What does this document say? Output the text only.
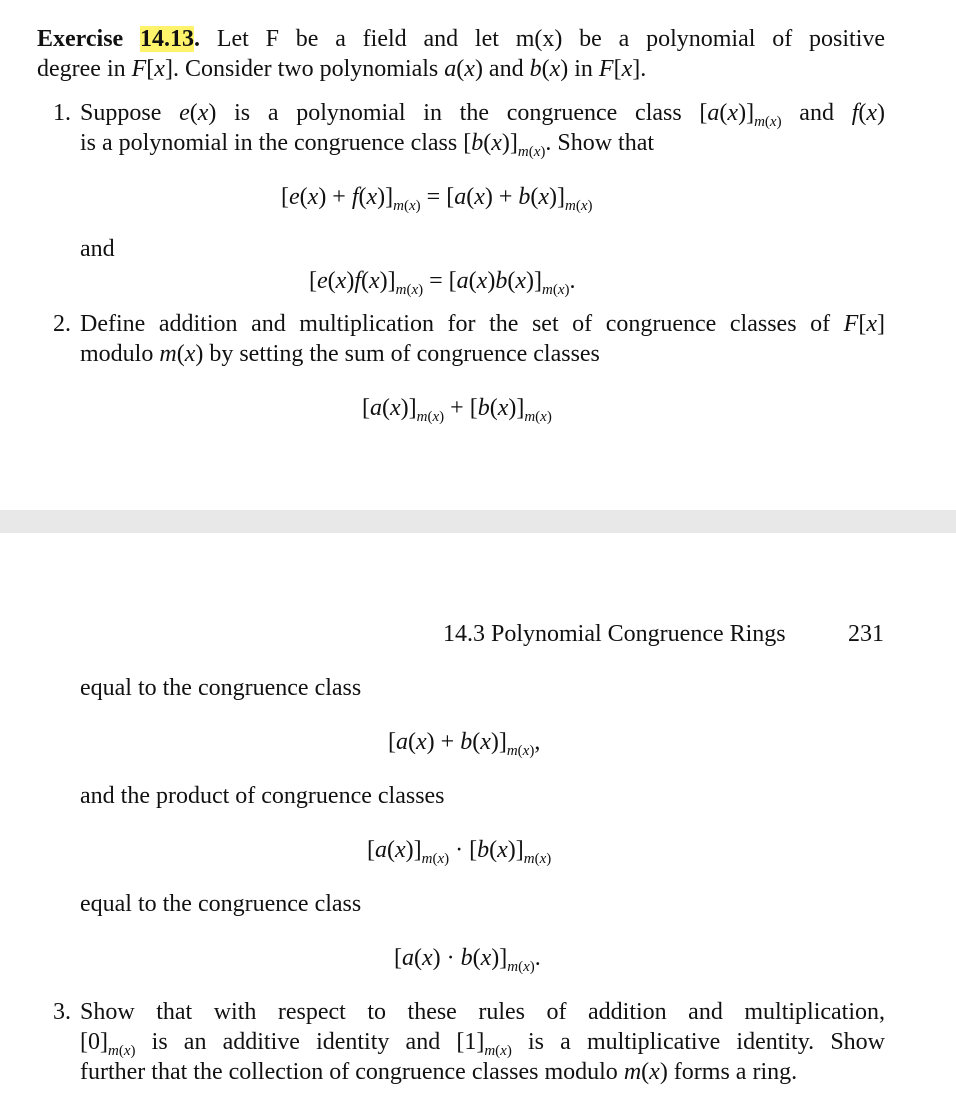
Exercise 14.13. Let F be a field and let m(x) be a polynomial of positive
degree in F[x]. Consider two polynomials a(x) and b(x) in F[x].
1. Suppose e(x) is a polynomial in the congruence class $[a(x)]_{m(x)}$ and f(x)
is a polynomial in the congruence class $[b(x)]_{m(x)}$. Show that
$[e(x) + f(x)]_{m(x)} = [a(x) + b(x)]_{m(x)}$
and
$[e(x)f(x)]_{m(x)} = [a(x)b(x)]_{m(x)}$.
2. Define addition and multiplication for the set of congruence classes of F[x]
modulo m(x) by setting the sum of congruence classes
$[a(x)]_{m(x)} + [b(x)]_{m(x)}$
14.3 Polynomial Congruence Rings	231
equal to the congruence class
$[a(x) + b(x)]_{m(x)}$,
and the product of congruence classes
$[a(x)]_{m(x)} \cdot [b(x)]_{m(x)}$
equal to the congruence class
$[a(x) \cdot b(x)]_{m(x)}$.
3. Show that with respect to these rules of addition and multiplication,
$[0]_{m(x)}$ is an additive identity and $[1]_{m(x)}$ is a multiplicative identity. Show
further that the collection of congruence classes modulo m(x) forms a ring.
